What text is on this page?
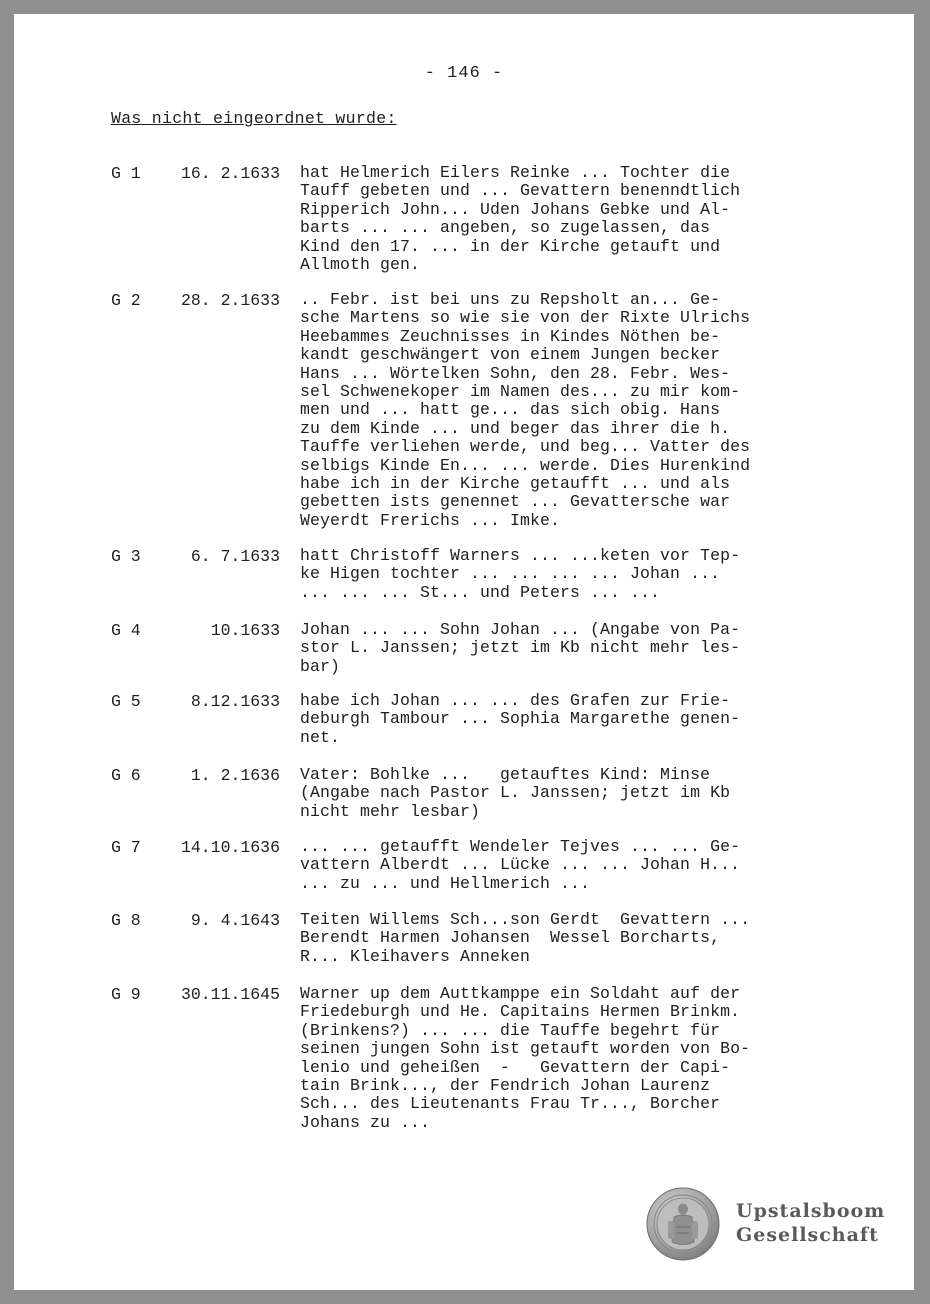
- 146 -
Was nicht eingeordnet wurde:
G 1	16. 2.1633 hat Helmerich Eilers Reinke ... Tochter die
Tauff gebeten und ... Gevattern benenndtlich
Ripperich John... Uden Johans Gebke und Al-
barts ... ... angeben, so zugelassen, das
Kind den 17. ... in der Kirche getauft und
Allmoth gen.
G 2	28. 2.1633 .. Febr. ist bei uns zu Repsholt an... Ge-
sche Martens so wie sie von der Rixte Ulrichs
Heebammes Zeuchnisses in Kindes Nöthen be-
kandt geschwängert von einem Jungen becker
Hans ... Wörtelken Sohn, den 28. Febr. Wes-
sel Schwenekoper im Namen des... zu mir kom-
men und ... hatt ge... das sich obig. Hans
zu dem Kinde ... und beger das ihrer die h.
Tauffe verliehen werde, und beg... Vatter des
selbigs Kinde En... ... werde. Dies Hurenkind
habe ich in der Kirche getaufft ... und als
gebetten ists genennet ... Gevattersche war
Weyerdt Frerichs ... Imke.
G 3	6. 7.1633 hatt Christoff Warners ... ...keten vor Tep-
ke Higen tochter ... ... ... ... Johan ...
... ... ... St... und Peters ... ...
G 4	10.1633 Johan ... ... Sohn Johan ... (Angabe von Pa-
stor L. Janssen; jetzt im Kb nicht mehr les-
bar)
G 5	8.12.1633 habe ich Johan ... ... des Grafen zur Frie-
deburgh Tambour ... Sophia Margarethe genen-
net.
G 6	1. 2.1636 Vater: Bohlke ...   getauftes Kind: Minse
(Angabe nach Pastor L. Janssen; jetzt im Kb
nicht mehr lesbar)
G 7	14.10.1636 ... ... getaufft Wendeler Tejves ... ... Ge-
vattern Alberdt ... Lücke ... ... Johan H...
... zu ... und Hellmerich ...
G 8	9. 4.1643 Teiten Willems Sch...son Gerdt  Gevattern ...
Berendt Harmen Johansen  Wessel Borcharts,
R... Kleihavers Anneken
G 9	30.11.1645 Warner up dem Auttkamppe ein Soldaht auf der
Friedeburgh und He. Capitains Hermen Brinkm.
(Brinkens?) ... ... die Tauffe begehrt für
seinen jungen Sohn ist getauft worden von Bo-
lenio und geheißen  -   Gevattern der Capi-
tain Brink..., der Fendrich Johan Laurenz
Sch... des Lieutenants Frau Tr..., Borcher
Johans zu ...
Upstalsboom
Gesellschaft
